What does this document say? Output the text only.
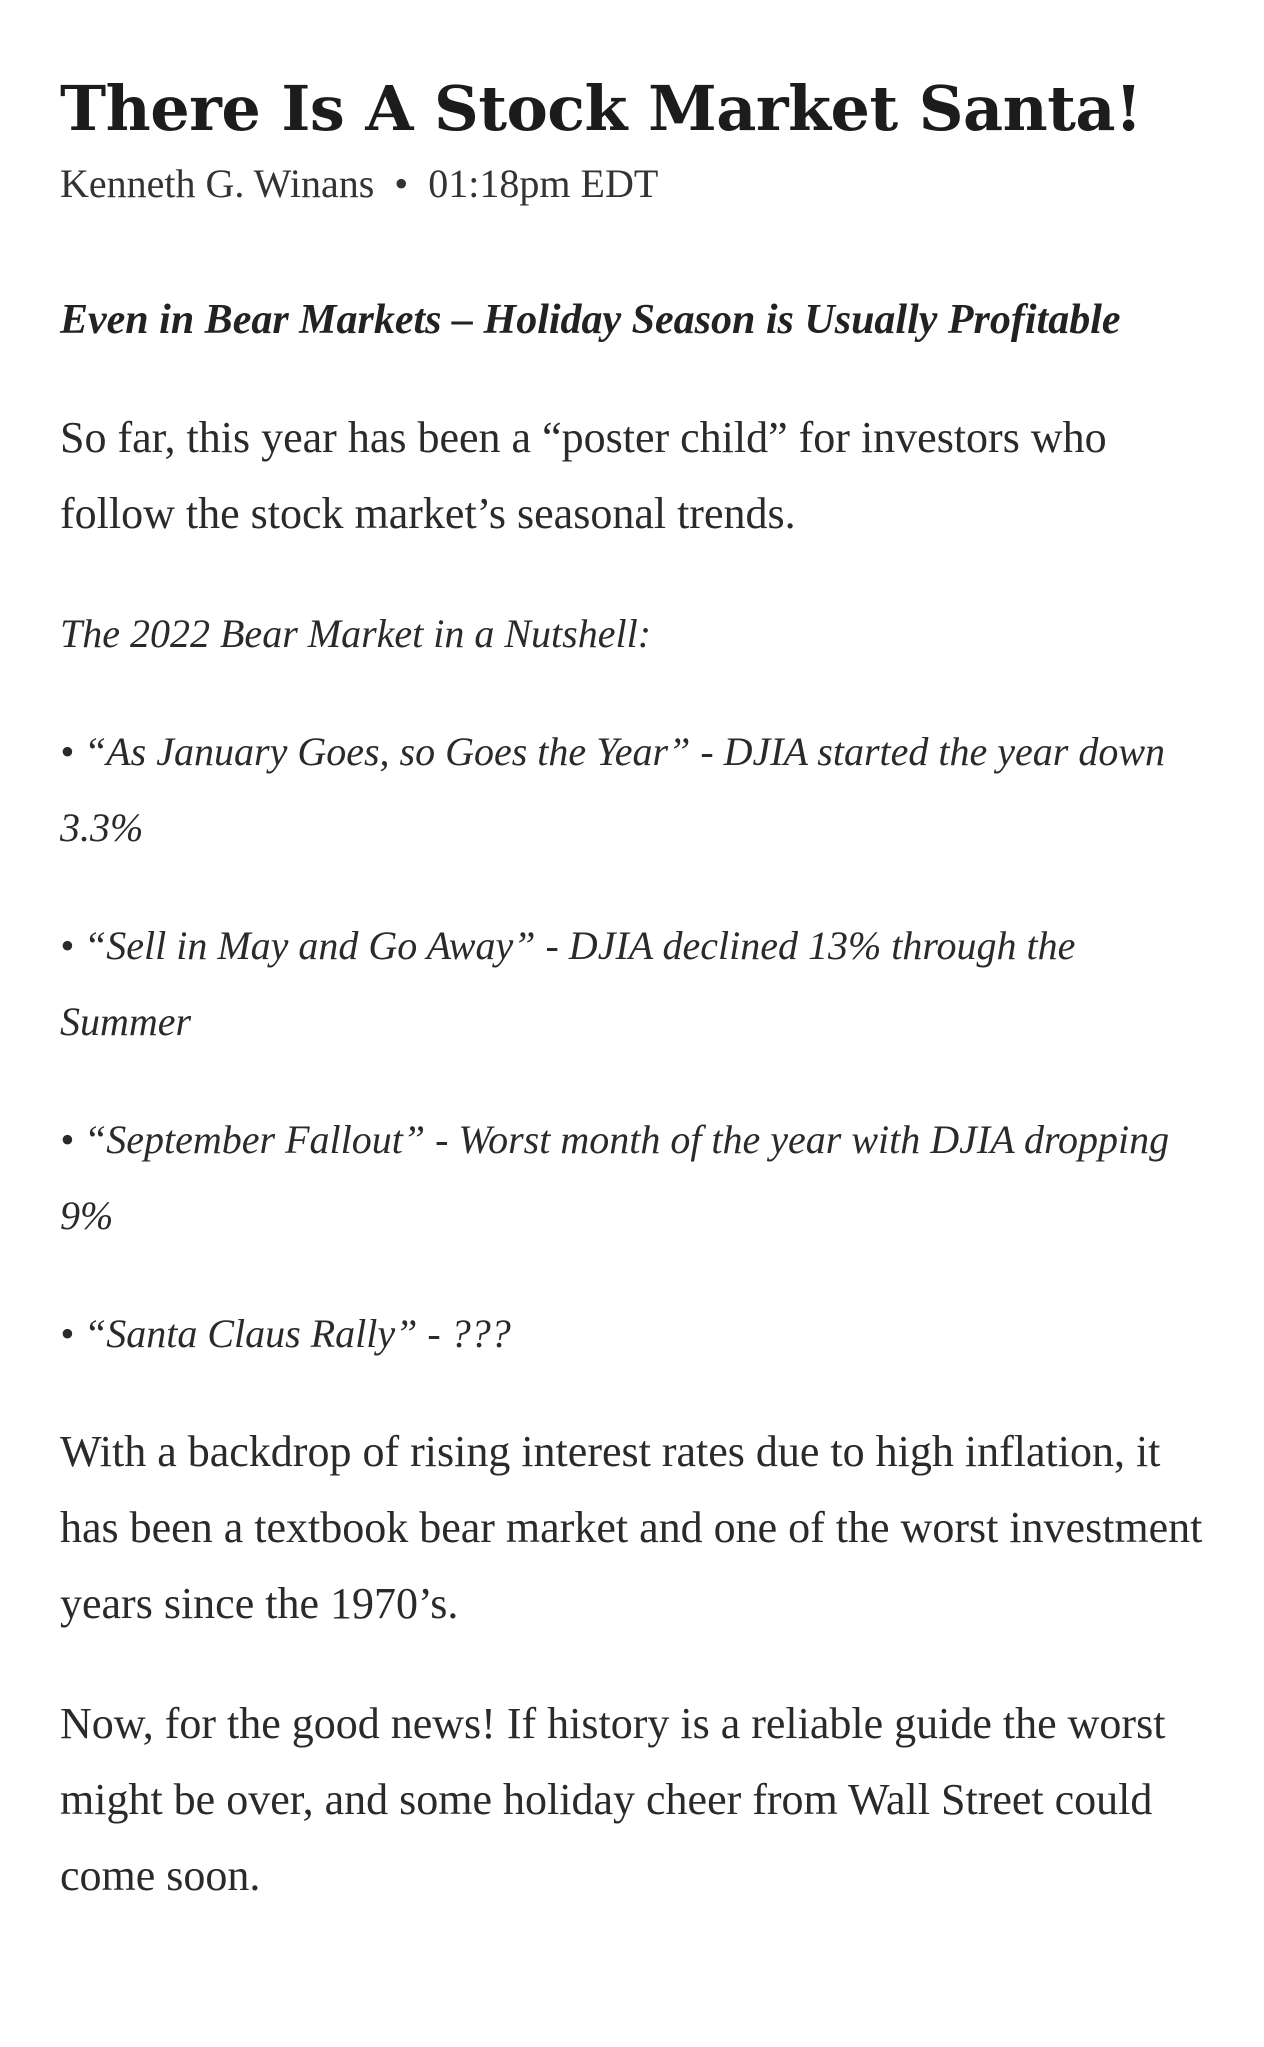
There Is A Stock Market Santa!
Kenneth G. Winans • 01:18pm EDT
Even in Bear Markets – Holiday Season is Usually Profitable

So far, this year has been a “poster child” for investors who follow the stock market’s seasonal trends.

The 2022 Bear Market in a Nutshell:

• “As January Goes, so Goes the Year” - DJIA started the year down 3.3%
• “Sell in May and Go Away” - DJIA declined 13% through the Summer
• “September Fallout” - Worst month of the year with DJIA dropping 9%
• “Santa Claus Rally” - ???

With a backdrop of rising interest rates due to high inflation, it has been a textbook bear market and one of the worst investment years since the 1970’s.

Now, for the good news! If history is a reliable guide the worst might be over, and some holiday cheer from Wall Street could come soon.
